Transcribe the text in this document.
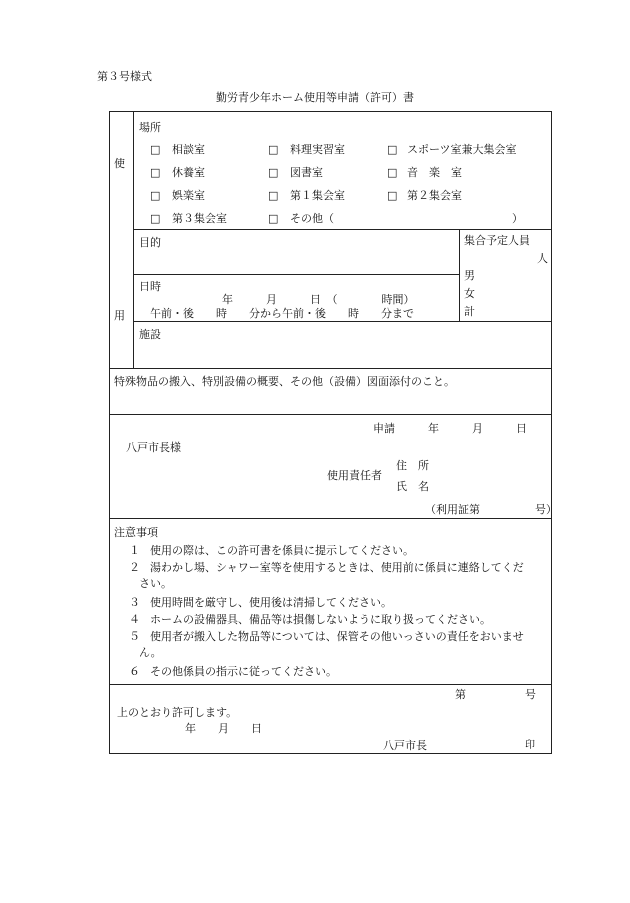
第３号様式
勤労青少年ホーム使用等申請（許可）書
使
用
場所
□ 相談室	□ 料理実習室	□ スポーツ室兼大集会室
□ 休養室	□ 図書室	□ 音　楽　室
□ 娯楽室	□ 第１集会室	□ 第２集会室
□ 第３集会室	□ その他（	）
目的	集合予定人員
人
男
女
計
日時
年　　　月　　　日　（　　　　時間）
午前・後　　時　　分から午前・後　　時　　分まで
施設
特殊物品の搬入、特別設備の概要、その他（設備）図面添付のこと。
申請　　　年　　　月　　　日
八戸市長様
使用責任者
住　所
氏　名
（利用証第　　　　　号）
注意事項
１ 使用の際は、この許可書を係員に提示してください。
２ 湯わかし場、シャワー室等を使用するときは、使用前に係員に連絡してくだ
さい。
３ 使用時間を厳守し、使用後は清掃してください。
４ ホームの設備器具、備品等は損傷しないように取り扱ってください。
５ 使用者が搬入した物品等については、保管その他いっさいの責任をおいませ
ん。
６ その他係員の指示に従ってください。
第	号
上のとおり許可します。
年　　月　　日
八戸市長	印
